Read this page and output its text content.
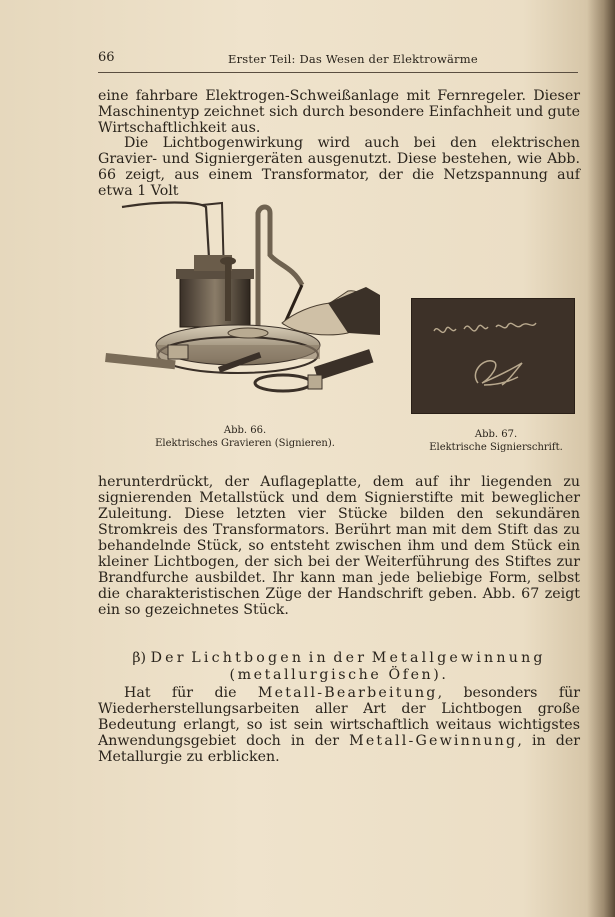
66	Erster Teil: Das Wesen der Elektrowärme

eine fahrbare Elektrogen-Schweißanlage mit Fernregeler. Dieser Maschinentyp zeichnet sich durch besondere Einfachheit und gute Wirtschaftlichkeit aus.

Die Lichtbogenwirkung wird auch bei den elektrischen Gravier- und Signiergeräten ausgenutzt. Diese bestehen, wie Abb. 66 zeigt, aus einem Transformator, der die Netzspannung auf etwa 1 Volt

Abb. 66.
Elektrisches Gravieren (Signieren).
Abb. 67.
Elektrische Signierschrift.

herunterdrückt, der Auflageplatte, dem auf ihr liegenden zu signierenden Metallstück und dem Signierstifte mit beweglicher Zuleitung. Diese letzten vier Stücke bilden den sekundären Stromkreis des Transformators. Berührt man mit dem Stift das zu behandelnde Stück, so entsteht zwischen ihm und dem Stück ein kleiner Lichtbogen, der sich bei der Weiterführung des Stiftes zur Brandfurche ausbildet. Ihr kann man jede beliebige Form, selbst die charakteristischen Züge der Handschrift geben. Abb. 67 zeigt ein so gezeichnetes Stück.

β) Der Lichtbogen in der Metallgewinnung
(metallurgische Öfen).

Hat für die Metall-Bearbeitung, besonders für Wiederherstellungsarbeiten aller Art der Lichtbogen große Bedeutung erlangt, so ist sein wirtschaftlich weitaus wichtigstes Anwendungsgebiet doch in der Metall-Gewinnung, in der Metallurgie zu erblicken.
